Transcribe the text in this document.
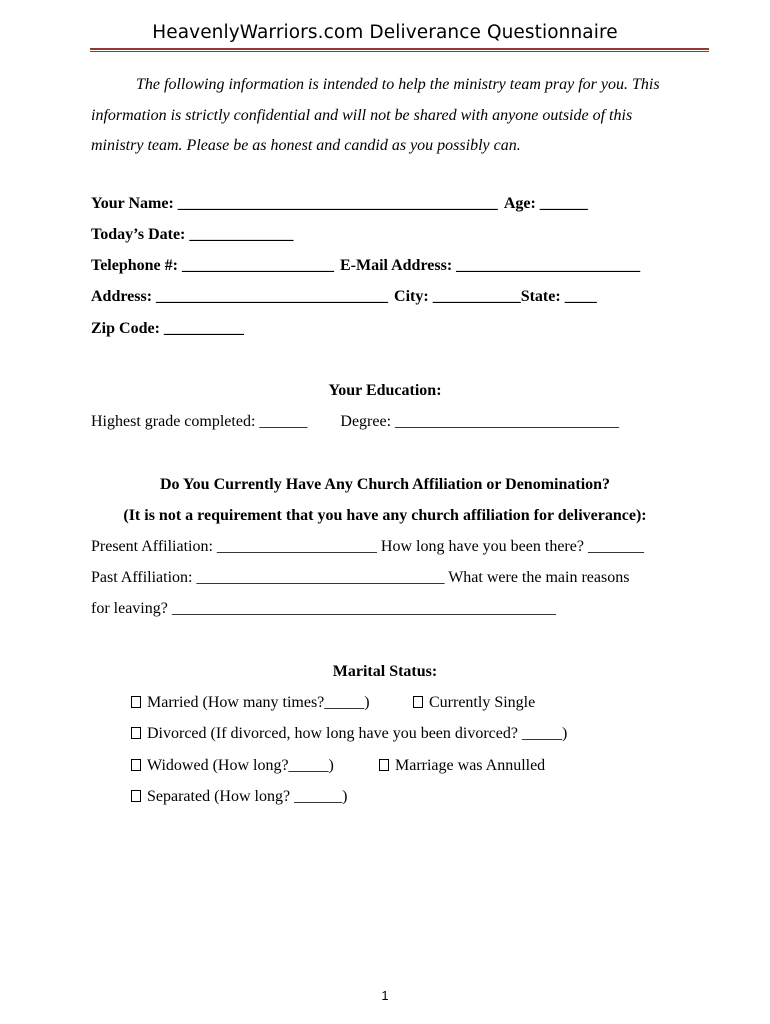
HeavenlyWarriors.com Deliverance Questionnaire
The following information is intended to help the ministry team pray for you. This
information is strictly confidential and will not be shared with anyone outside of this
ministry team. Please be as honest and candid as you possibly can.
Your Name: ________________________________________ Age: ______
Today’s Date: _____________
Telephone #: ___________________ E-Mail Address: _______________________
Address: _____________________________ City: ___________State: ____
Zip Code: __________
Your Education:
Highest grade completed: ______ Degree: ____________________________
Do You Currently Have Any Church Affiliation or Denomination?
(It is not a requirement that you have any church affiliation for deliverance):
Present Affiliation: ____________________ How long have you been there? _______
Past Affiliation: _______________________________ What were the main reasons
for leaving? ________________________________________________
Marital Status:
Married (How many times?_____)	Currently Single
Divorced (If divorced, how long have you been divorced? _____)
Widowed (How long?_____)	Marriage was Annulled
Separated (How long? ______)
1
